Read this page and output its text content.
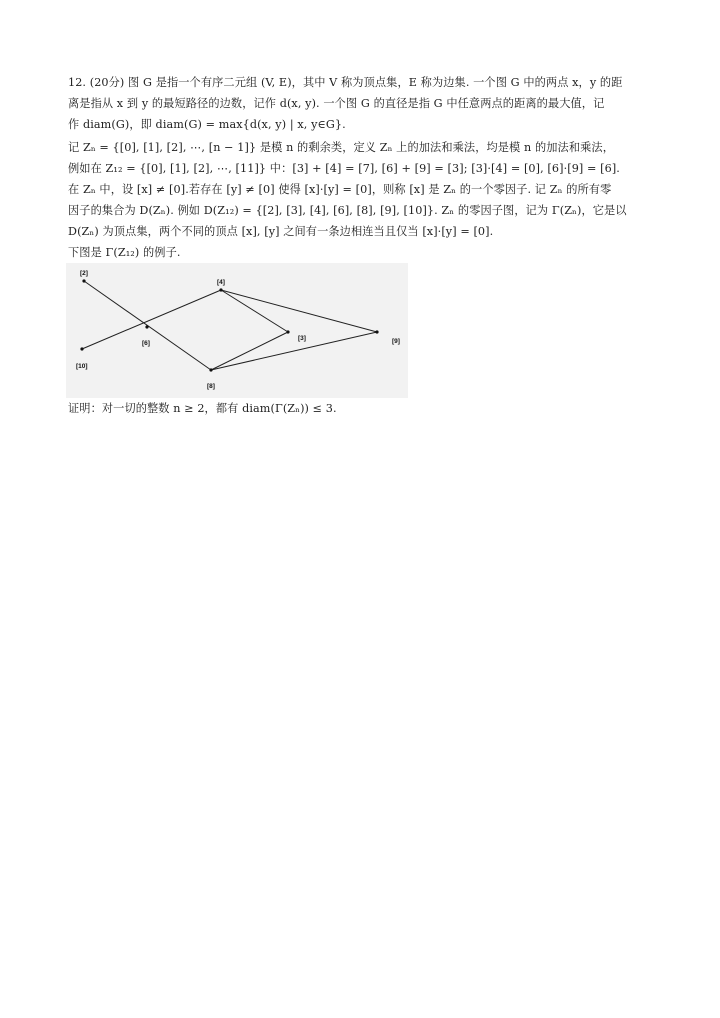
12. (20分) 图 G 是指一个有序二元组 (V, E)，其中 V 称为顶点集，E 称为边集. 一个图 G 中的两点 x，y 的距
离是指从 x 到 y 的最短路径的边数，记作 d(x, y). 一个图 G 的直径是指 G 中任意两点的距离的最大值，记
作 diam(G)，即 diam(G) = max{d(x, y) | x, y∈G}.
记 Zₙ = {[0], [1], [2], ⋯, [n − 1]} 是模 n 的剩余类，定义 Zₙ 上的加法和乘法，均是模 n 的加法和乘法，
例如在 Z₁₂ = {[0], [1], [2], ⋯, [11]} 中：[3] + [4] = [7], [6] + [9] = [3]; [3]·[4] = [0], [6]·[9] = [6].
在 Zₙ 中，设 [x] ≠ [0].若存在 [y] ≠ [0] 使得 [x]·[y] = [0]，则称 [x] 是 Zₙ 的一个零因子. 记 Zₙ 的所有零
因子的集合为 D(Zₙ). 例如 D(Z₁₂) = {[2], [3], [4], [6], [8], [9], [10]}. Zₙ 的零因子图，记为 Γ(Zₙ)，它是以
D(Zₙ) 为顶点集，两个不同的顶点 [x], [y] 之间有一条边相连当且仅当 [x]·[y] = [0].
下图是 Γ(Z₁₂) 的例子.
[2]
[4]
[6]
[10]
[3]	[9]
[8]
证明：对一切的整数 n ≥ 2，都有 diam(Γ(Zₙ)) ≤ 3.
